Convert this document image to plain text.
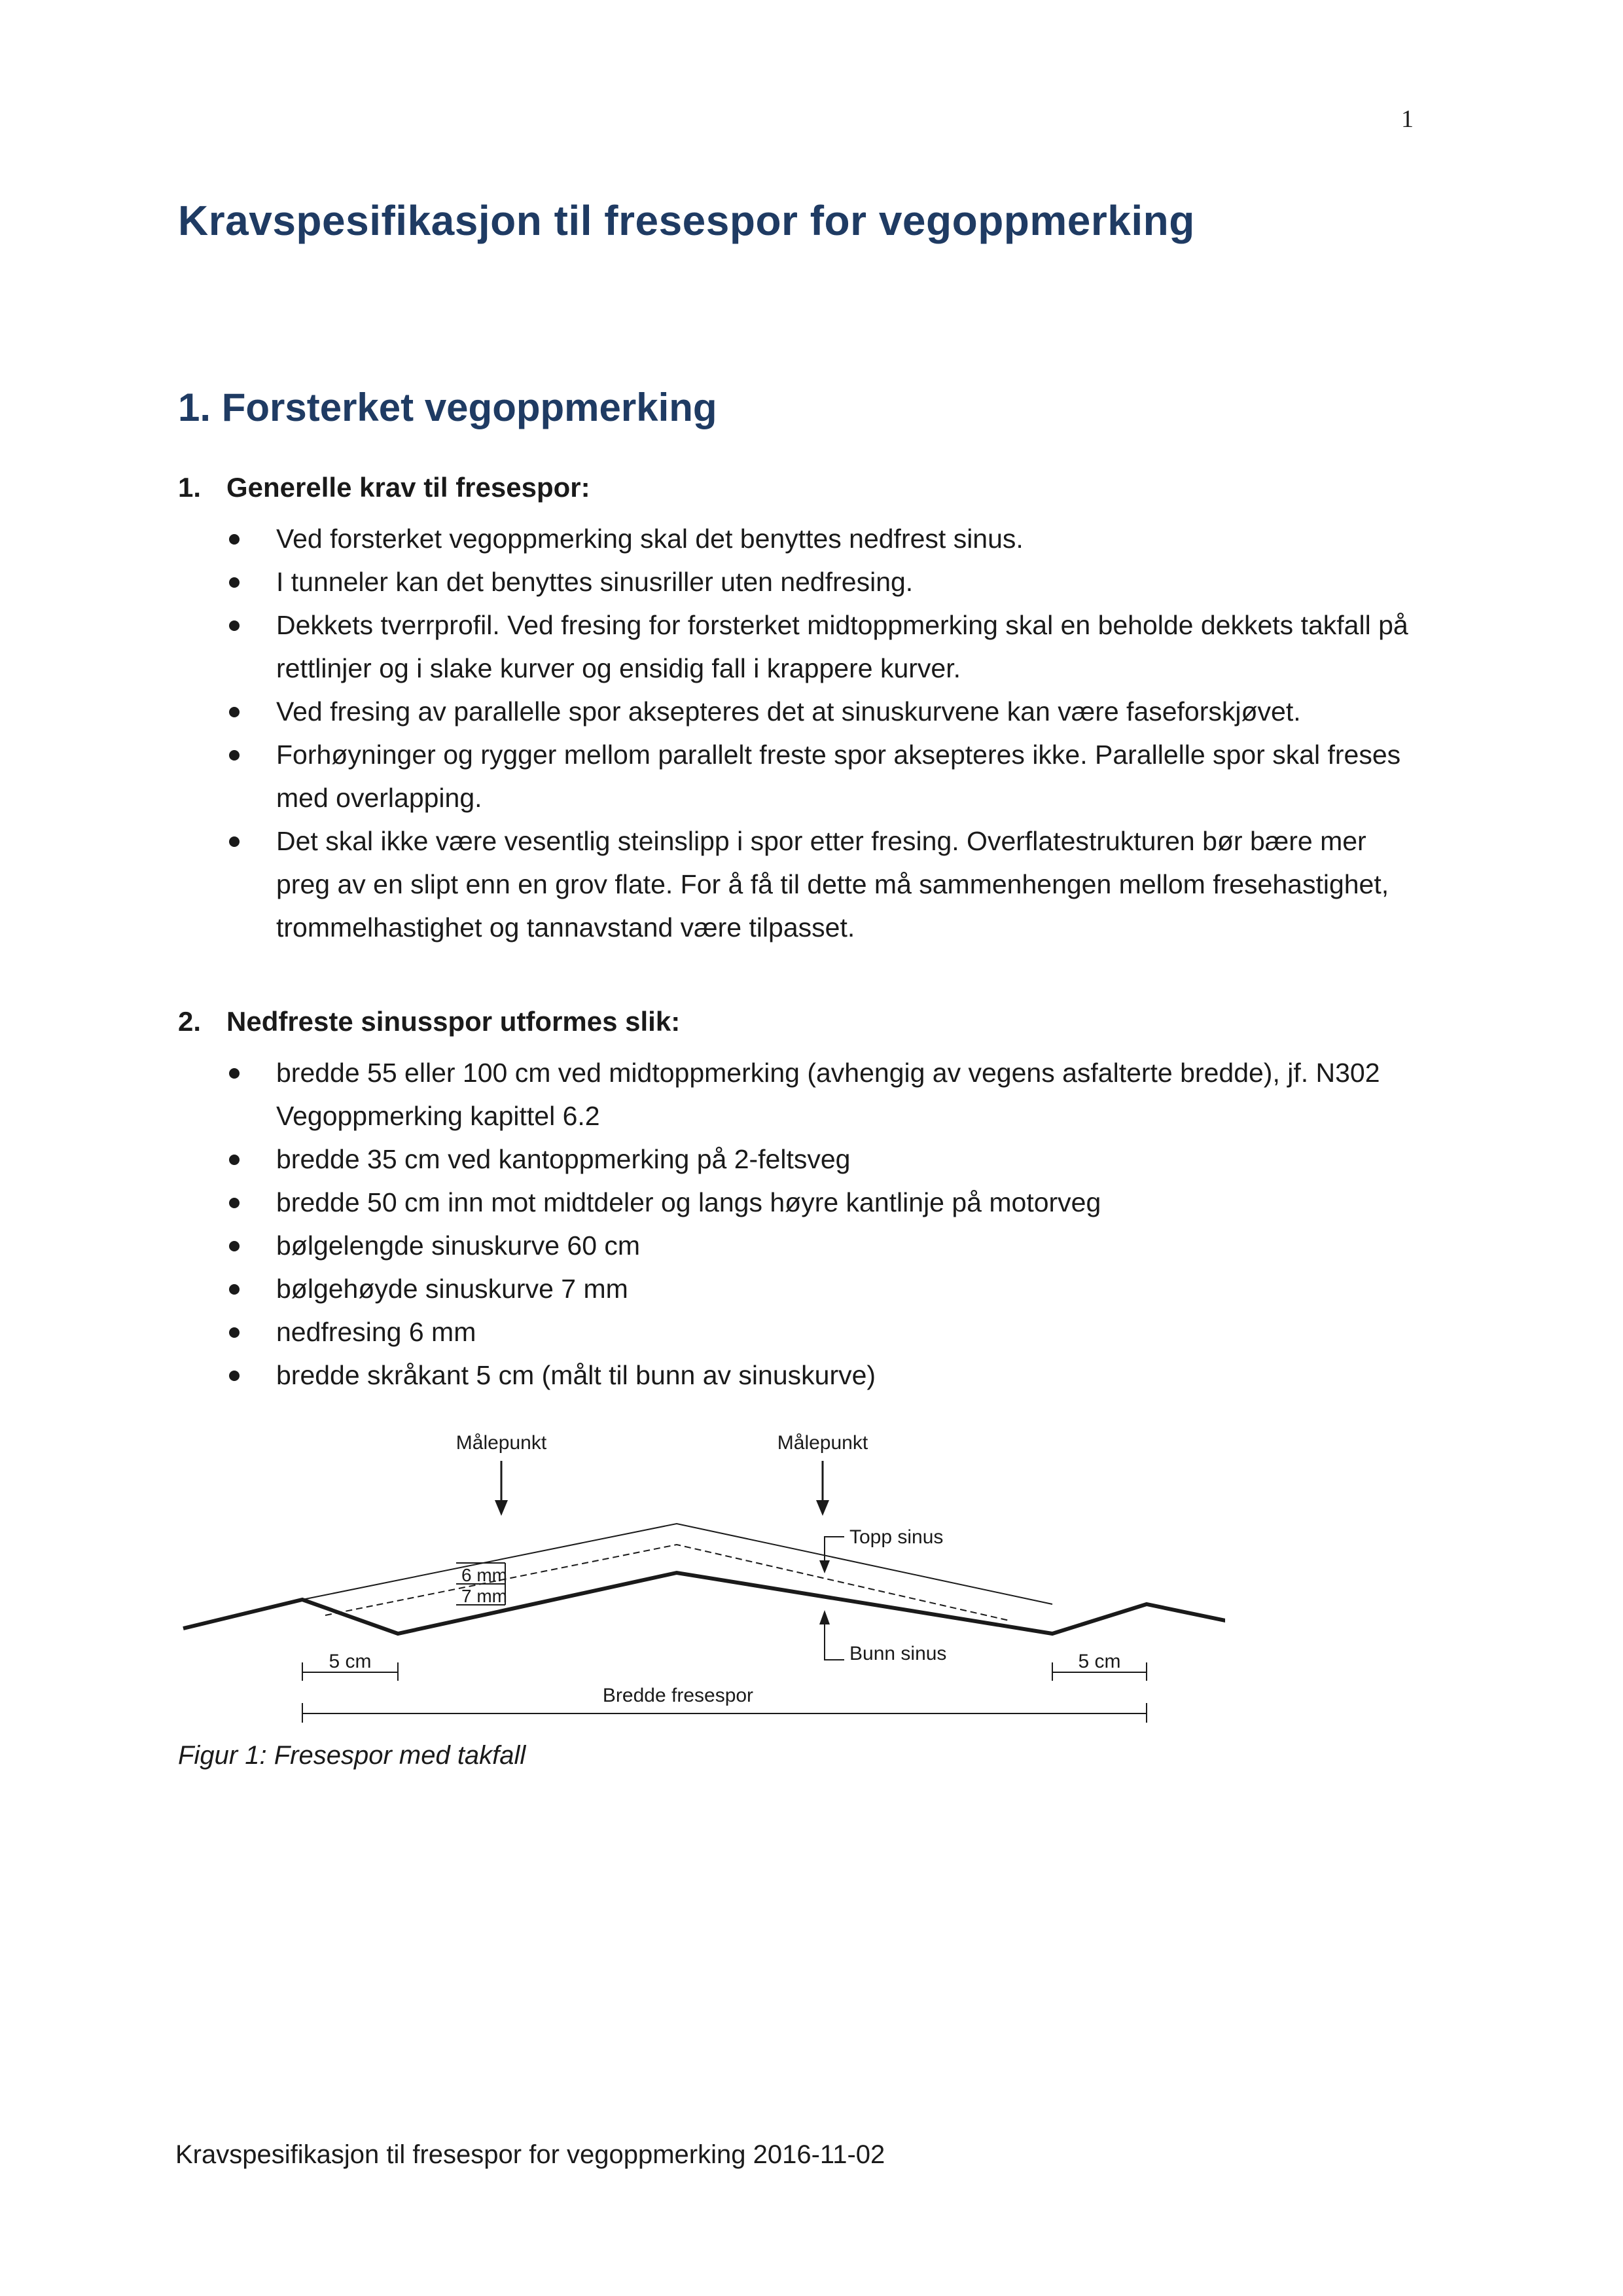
1
Kravspesifikasjon til fresespor for vegoppmerking
1. Forsterket vegoppmerking
1. Generelle krav til fresespor:
Ved forsterket vegoppmerking skal det benyttes nedfrest sinus.
I tunneler kan det benyttes sinusriller uten nedfresing.
Dekkets tverrprofil. Ved fresing for forsterket midtoppmerking skal en beholde dekkets takfall på rettlinjer og i slake kurver og ensidig fall i krappere kurver.
Ved fresing av parallelle spor aksepteres det at sinuskurvene kan være faseforskjøvet.
Forhøyninger og rygger mellom parallelt freste spor aksepteres ikke. Parallelle spor skal freses med overlapping.
Det skal ikke være vesentlig steinslipp i spor etter fresing. Overflatestrukturen bør bære mer preg av en slipt enn en grov flate. For å få til dette må sammenhengen mellom fresehastighet, trommelhastighet og tannavstand være tilpasset.
2. Nedfreste sinusspor utformes slik:
bredde 55 eller 100 cm ved midtoppmerking (avhengig av vegens asfalterte bredde), jf. N302 Vegoppmerking kapittel 6.2
bredde 35 cm ved kantoppmerking på 2-feltsveg
bredde 50 cm inn mot midtdeler og langs høyre kantlinje på motorveg
bølgelengde sinuskurve 60 cm
bølgehøyde sinuskurve 7 mm
nedfresing 6 mm
bredde skråkant 5 cm (målt til bunn av sinuskurve)
6 mm
7 mm
Målepunkt	Målepunkt
Topp sinus
Bunn sinus
5 cm	5 cm
Bredde fresespor

Figur 1: Fresespor med takfall

Kravspesifikasjon til fresespor for vegoppmerking 2016-11-02
